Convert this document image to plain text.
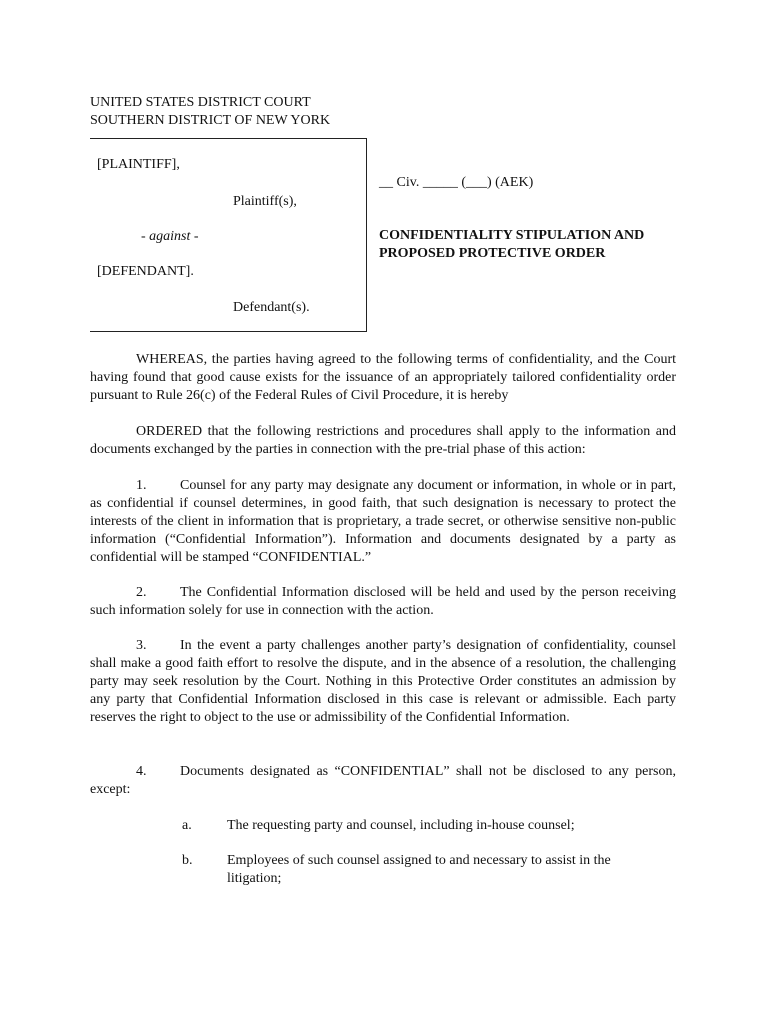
UNITED STATES DISTRICT COURT
SOUTHERN DISTRICT OF NEW YORK
[PLAINTIFF],
Plaintiff(s),
- against -
[DEFENDANT].
Defendant(s).
__ Civ. _____ (___) (AEK)
CONFIDENTIALITY STIPULATION AND
PROPOSED PROTECTIVE ORDER

WHEREAS, the parties having agreed to the following terms of confidentiality, and the Court having found that good cause exists for the issuance of an appropriately tailored confidentiality order pursuant to Rule 26(c) of the Federal Rules of Civil Procedure, it is hereby

ORDERED that the following restrictions and procedures shall apply to the information and documents exchanged by the parties in connection with the pre-trial phase of this action:

1. Counsel for any party may designate any document or information, in whole or in part, as confidential if counsel determines, in good faith, that such designation is necessary to protect the interests of the client in information that is proprietary, a trade secret, or otherwise sensitive non-public information (“Confidential Information”). Information and documents designated by a party as confidential will be stamped “CONFIDENTIAL.”

2. The Confidential Information disclosed will be held and used by the person receiving such information solely for use in connection with the action.

3. In the event a party challenges another party’s designation of confidentiality, counsel shall make a good faith effort to resolve the dispute, and in the absence of a resolution, the challenging party may seek resolution by the Court. Nothing in this Protective Order constitutes an admission by any party that Confidential Information disclosed in this case is relevant or admissible. Each party reserves the right to object to the use or admissibility of the Confidential Information.

4. Documents designated as “CONFIDENTIAL” shall not be disclosed to any person, except:

a.	The requesting party and counsel, including in-house counsel;
b. Employees of such counsel assigned to and necessary to assist in the litigation;
